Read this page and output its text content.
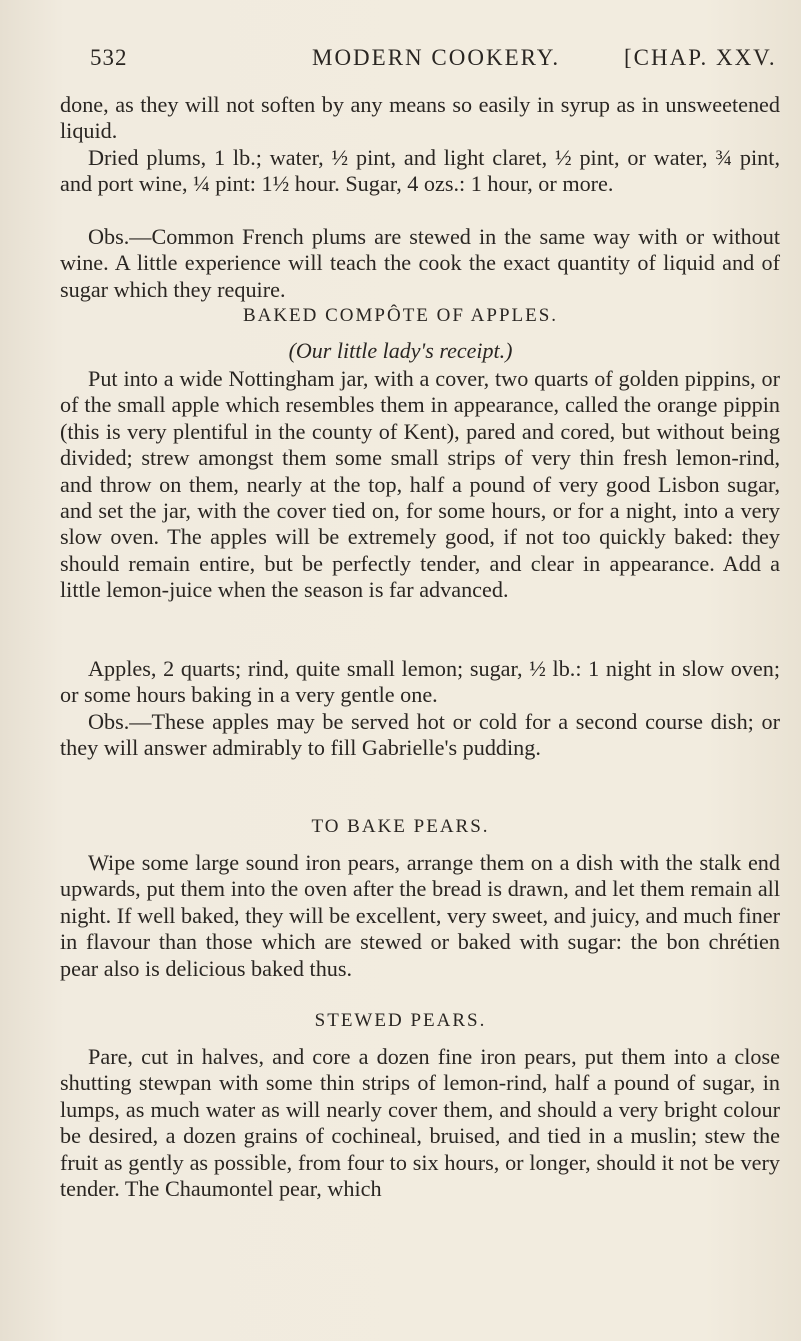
532	MODERN COOKERY.	[CHAP. XXV.

done, as they will not soften by any means so easily in syrup as in unsweetened liquid.

Dried plums, 1 lb.; water, ½ pint, and light claret, ½ pint, or water, ¾ pint, and port wine, ¼ pint: 1½ hour. Sugar, 4 ozs.: 1 hour, or more.

Obs.—Common French plums are stewed in the same way with or without wine. A little experience will teach the cook the exact quantity of liquid and of sugar which they require.

BAKED COMPÔTE OF APPLES.

(Our little lady's receipt.)

Put into a wide Nottingham jar, with a cover, two quarts of golden pippins, or of the small apple which resembles them in appearance, called the orange pippin (this is very plentiful in the county of Kent), pared and cored, but without being divided; strew amongst them some small strips of very thin fresh lemon-rind, and throw on them, nearly at the top, half a pound of very good Lisbon sugar, and set the jar, with the cover tied on, for some hours, or for a night, into a very slow oven. The apples will be extremely good, if not too quickly baked: they should remain entire, but be perfectly tender, and clear in appearance. Add a little lemon-juice when the season is far advanced.

Apples, 2 quarts; rind, quite small lemon; sugar, ½ lb.: 1 night in slow oven; or some hours baking in a very gentle one.

Obs.—These apples may be served hot or cold for a second course dish; or they will answer admirably to fill Gabrielle's pudding.

TO BAKE PEARS.

Wipe some large sound iron pears, arrange them on a dish with the stalk end upwards, put them into the oven after the bread is drawn, and let them remain all night. If well baked, they will be excellent, very sweet, and juicy, and much finer in flavour than those which are stewed or baked with sugar: the bon chrétien pear also is delicious baked thus.

STEWED PEARS.

Pare, cut in halves, and core a dozen fine iron pears, put them into a close shutting stewpan with some thin strips of lemon-rind, half a pound of sugar, in lumps, as much water as will nearly cover them, and should a very bright colour be desired, a dozen grains of cochineal, bruised, and tied in a muslin; stew the fruit as gently as possible, from four to six hours, or longer, should it not be very tender. The Chaumontel pear, which
